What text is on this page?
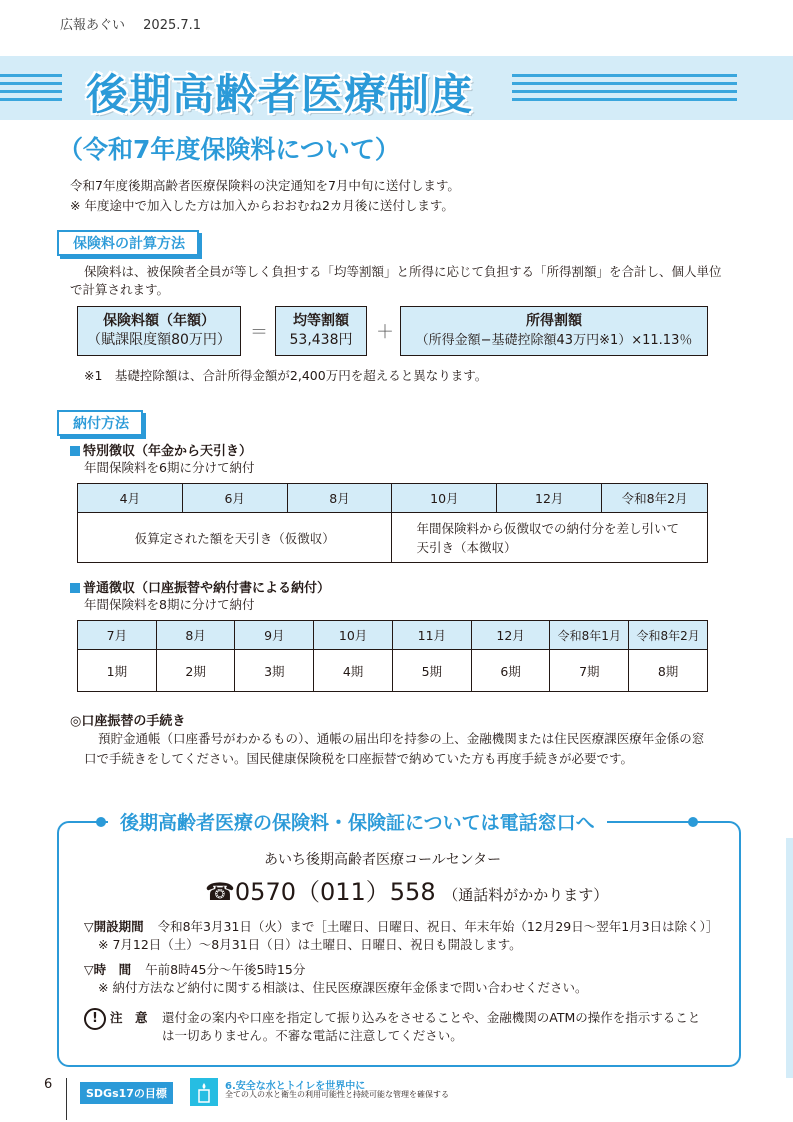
広報あぐい 2025.7.1
後期高齢者医療制度
（令和7年度保険料について）
令和7年度後期高齢者医療保険料の決定通知を7月中旬に送付します。
※ 年度途中で加入した方は加入からおおむね2カ月後に送付します。
保険料の計算方法
保険料は、被保険者全員が等しく負担する「均等割額」と所得に応じて負担する「所得割額」を合計し、個人単位
で計算されます。
保険料額（年額）
（賦課限度額80万円）	＝
均等割額
53,438円	＋
所得割額
（所得金額−基礎控除額43万円※1）×11.13％
※1　基礎控除額は、合計所得金額が2,400万円を超えると異なります。
納付方法
特別徴収（年金から天引き）
年間保険料を6期に分けて納付
4月	6月	8月	10月	12月	令和8年2月
仮算定された額を天引き（仮徴収）			年間保険料から仮徴収での納付分を差し引いて
天引き（本徴収）		
普通徴収（口座振替や納付書による納付）
年間保険料を8期に分けて納付
7月	8月	9月	10月	11月	12月	令和8年1月	令和8年2月
1期	2期	3期	4期	5期	6期	7期	8期
◎口座振替の手続き
預貯金通帳（口座番号がわかるもの）、通帳の届出印を持参の上、金融機関または住民医療課医療年金係の窓
口で手続きをしてください。国民健康保険税を口座振替で納めていた方も再度手続きが必要です。
後期高齢者医療の保険料・保険証については電話窓口へ
あいち後期高齢者医療コールセンター
☎0570（011）558 （通話料がかかります）
▽開設期間 令和8年3月31日（火）まで［土曜日、日曜日、祝日、年末年始（12月29日〜翌年1月3日は除く）］
※ 7月12日（土）〜8月31日（日）は土曜日、日曜日、祝日も開設します。
▽時　間 午前8時45分〜午後5時15分
※ 納付方法など納付に関する相談は、住民医療課医療年金係まで問い合わせください。
! 注　意 還付金の案内や口座を指定して振り込みをさせることや、金融機関のATMの操作を指示すること
は一切ありません。不審な電話に注意してください。
6
SDGs17の目標
6.安全な水とトイレを世界中に
全ての人の水と衛生の利用可能性と持続可能な管理を確保する
